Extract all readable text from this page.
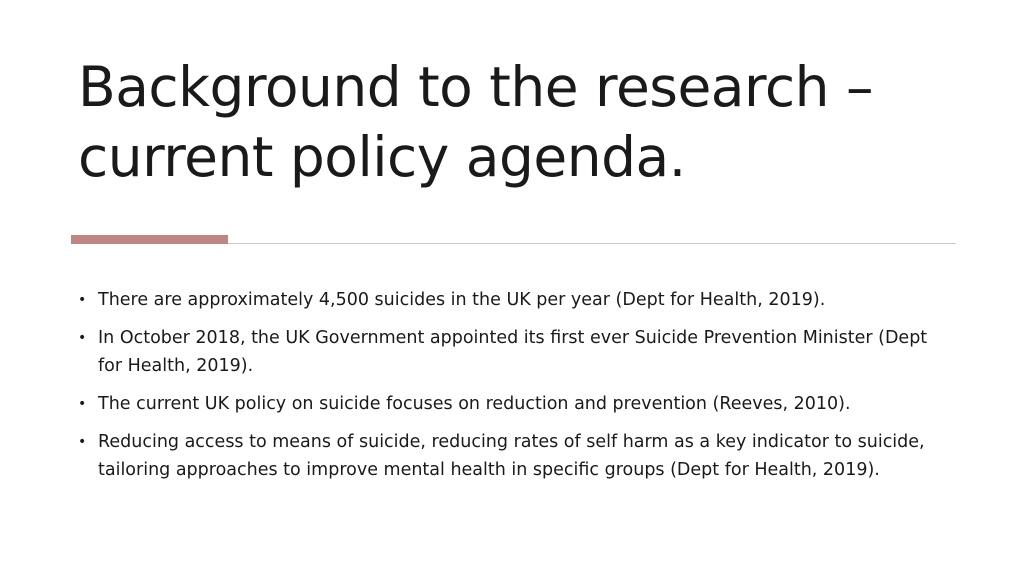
Background to the research – current policy agenda.
• There are approximately 4,500 suicides in the UK per year (Dept for Health, 2019).
• In October 2018, the UK Government appointed its first ever Suicide Prevention Minister (Dept for Health, 2019).
• The current UK policy on suicide focuses on reduction and prevention (Reeves, 2010).
• Reducing access to means of suicide, reducing rates of self harm as a key indicator to suicide, tailoring approaches to improve mental health in specific groups (Dept for Health, 2019).
